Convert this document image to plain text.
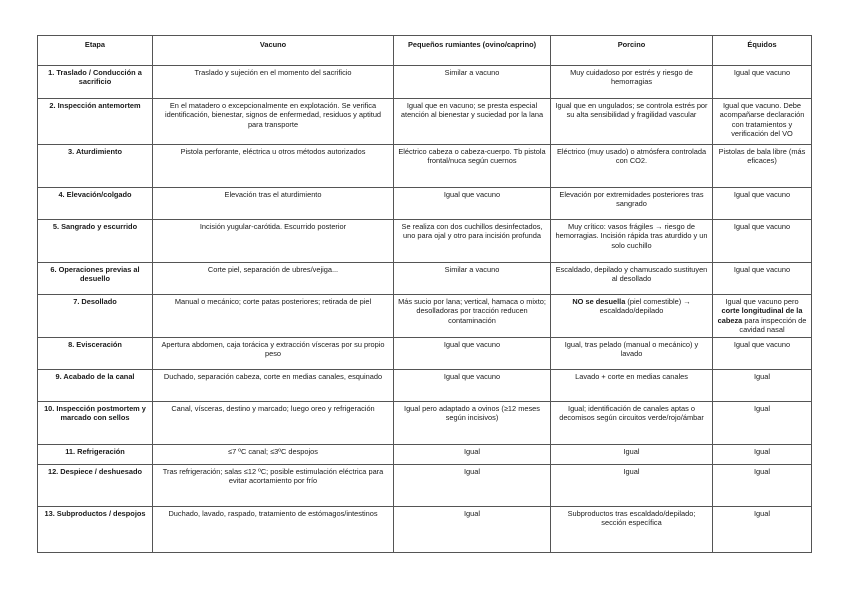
Etapa	Vacuno	Pequeños rumiantes (ovino/caprino)	Porcino	Équidos
1. Traslado / Conducción a sacrificio	Traslado y sujeción en el momento del sacrificio	Similar a vacuno	Muy cuidadoso por estrés y riesgo de hemorragias	Igual que vacuno
2. Inspección antemortem	En el matadero o excepcionalmente en explotación. Se verifica identificación, bienestar, signos de enfermedad, residuos y aptitud para transporte	Igual que en vacuno; se presta especial atención al bienestar y suciedad por la lana	Igual que en ungulados; se controla estrés por su alta sensibilidad y fragilidad vascular	Igual que vacuno. Debe acompañarse declaración con tratamientos y verificación del VO
3. Aturdimiento	Pistola perforante, eléctrica u otros métodos autorizados	Eléctrico cabeza o cabeza-cuerpo. Tb pistola frontal/nuca según cuernos	Eléctrico (muy usado) o atmósfera controlada con CO2.	Pistolas de bala libre (más eficaces)
4. Elevación/colgado	Elevación tras el aturdimiento	Igual que vacuno	Elevación por extremidades posteriores tras sangrado	Igual que vacuno
5. Sangrado y escurrido	Incisión yugular-carótida. Escurrido posterior	Se realiza con dos cuchillos desinfectados, uno para ojal y otro para incisión profunda	Muy crítico: vasos frágiles → riesgo de hemorragias. Incisión rápida tras aturdido y un solo cuchillo	Igual que vacuno
6. Operaciones previas al desuello	Corte piel, separación de ubres/vejiga...	Similar a vacuno	Escaldado, depilado y chamuscado sustituyen al desollado	Igual que vacuno
7. Desollado	Manual o mecánico; corte patas posteriores; retirada de piel	Más sucio por lana; vertical, hamaca o mixto; desolladoras por tracción reducen contaminación	NO se desuella (piel comestible) → escaldado/depilado	Igual que vacuno pero corte longitudinal de la cabeza para inspección de cavidad nasal
8. Evisceración	Apertura abdomen, caja torácica y extracción vísceras por su propio peso	Igual que vacuno	Igual, tras pelado (manual o mecánico) y lavado	Igual que vacuno
9. Acabado de la canal	Duchado, separación cabeza, corte en medias canales, esquinado	Igual que vacuno	Lavado + corte en medias canales	Igual
10. Inspección postmortem y marcado con sellos	Canal, vísceras, destino y marcado; luego oreo y refrigeración	Igual pero adaptado a ovinos (≥12 meses según incisivos)	Igual; identificación de canales aptas o decomisos según circuitos verde/rojo/ámbar	Igual
11. Refrigeración	≤7 ºC canal; ≤3ºC despojos	Igual	Igual	Igual
12. Despiece / deshuesado	Tras refrigeración; salas ≤12 ºC; posible estimulación eléctrica para evitar acortamiento por frío	Igual	Igual	Igual
13. Subproductos / despojos	Duchado, lavado, raspado, tratamiento de estómagos/intestinos	Igual	Subproductos tras escaldado/depilado; sección específica	Igual
